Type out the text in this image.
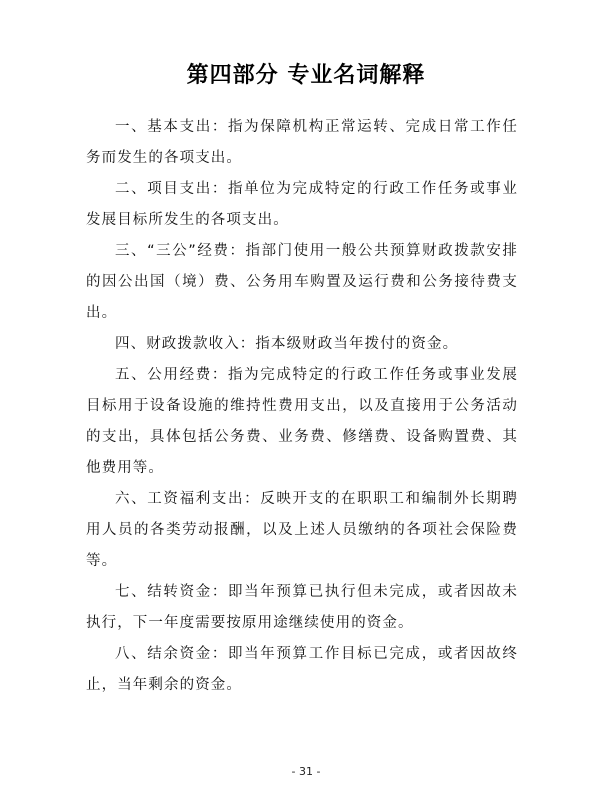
第四部分 专业名词解释

一、基本支出：指为保障机构正常运转、完成日常工作任务而发生的各项支出。

二、项目支出：指单位为完成特定的行政工作任务或事业发展目标所发生的各项支出。

三、“三公”经费：指部门使用一般公共预算财政拨款安排的因公出国（境）费、公务用车购置及运行费和公务接待费支出。

四、财政拨款收入：指本级财政当年拨付的资金。

五、公用经费：指为完成特定的行政工作任务或事业发展目标用于设备设施的维持性费用支出，以及直接用于公务活动的支出，具体包括公务费、业务费、修缮费、设备购置费、其他费用等。

六、工资福利支出：反映开支的在职职工和编制外长期聘用人员的各类劳动报酬，以及上述人员缴纳的各项社会保险费等。

七、结转资金：即当年预算已执行但未完成，或者因故未执行，下一年度需要按原用途继续使用的资金。

八、结余资金：即当年预算工作目标已完成，或者因故终止，当年剩余的资金。

- 31 -
